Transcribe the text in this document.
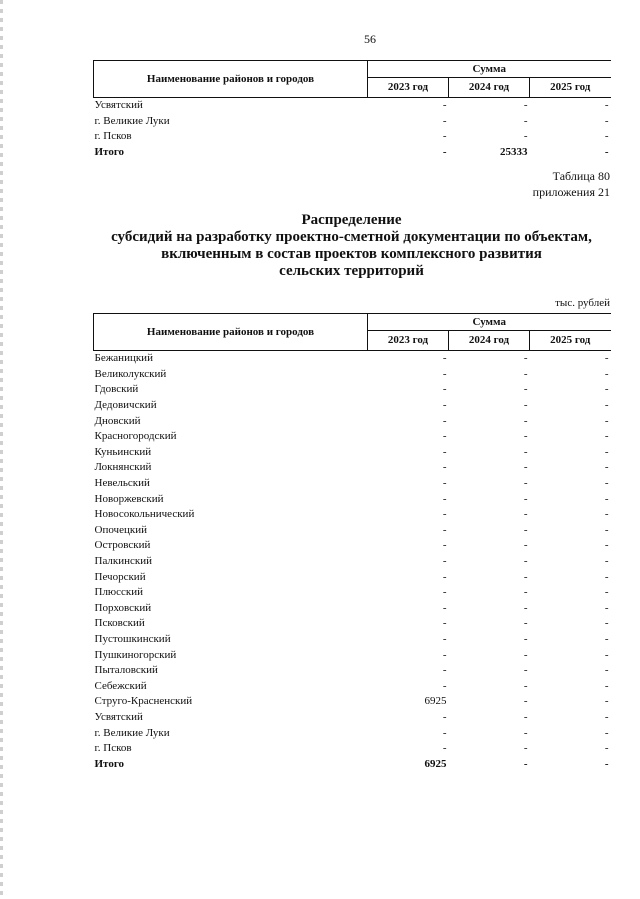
56
Наименование районов и городов	Сумма		
	2023 год	2024 год	2025 год
Усвятский	-	-	-
г. Великие Луки	-	-	-
г. Псков	-	-	-
Итого	-	25333	-
Таблица 80
приложения 21
Распределение
субсидий на разработку проектно-сметной документации по объектам,
включенным в состав проектов комплексного развития
сельских территорий
тыс. рублей
Наименование районов и городов	Сумма		
	2023 год	2024 год	2025 год
Бежаницкий	-	-	-
Великолукский	-	-	-
Гдовский	-	-	-
Дедовичский	-	-	-
Дновский	-	-	-
Красногородский	-	-	-
Куньинский	-	-	-
Локнянский	-	-	-
Невельский	-	-	-
Новоржевский	-	-	-
Новосокольнический	-	-	-
Опочецкий	-	-	-
Островский	-	-	-
Палкинский	-	-	-
Печорский	-	-	-
Плюсский	-	-	-
Порховский	-	-	-
Псковский	-	-	-
Пустошкинский	-	-	-
Пушкиногорский	-	-	-
Пыталовский	-	-	-
Себежский	-	-	-
Струго-Красненский	6925	-	-
Усвятский	-	-	-
г. Великие Луки	-	-	-
г. Псков	-	-	-
Итого	6925	-	-
